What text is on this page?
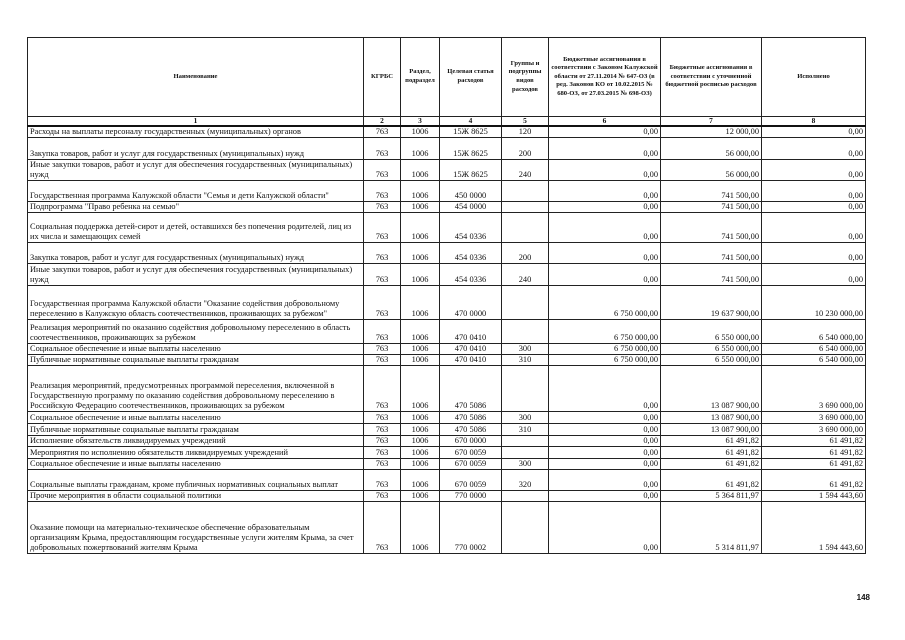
Наименование	КГРБС	Раздел, подраздел	Целевая статья расходов	Группы и подгруппы видов расходов	Бюджетные ассигнования в соответствии с Законом Калужской области от 27.11.2014 № 647-ОЗ (в ред. Законов КО от 10.02.2015 № 680-ОЗ, от 27.03.2015 № 698-ОЗ)	Бюджетные ассигнования в соответствии с уточненной бюджетной росписью расходов	Исполнено
1	2	3	4	5	6	7	8
Расходы на выплаты персоналу государственных (муниципальных) органов	763	1006	15Ж 8625	120	0,00	12 000,00	0,00
Закупка товаров, работ и услуг для государственных (муниципальных) нужд	763	1006	15Ж 8625	200	0,00	56 000,00	0,00
Иные закупки товаров, работ и услуг для обеспечения государственных (муниципальных) нужд	763	1006	15Ж 8625	240	0,00	56 000,00	0,00
Государственная программа Калужской области "Семья и дети Калужской области"	763	1006	450 0000		0,00	741 500,00	0,00
Подпрограмма "Право ребенка на семью"	763	1006	454 0000		0,00	741 500,00	0,00
Социальная поддержка детей-сирот и детей, оставшихся без попечения родителей, лиц из их числа и замещающих семей	763	1006	454 0336		0,00	741 500,00	0,00
Закупка товаров, работ и услуг для государственных (муниципальных) нужд	763	1006	454 0336	200	0,00	741 500,00	0,00
Иные закупки товаров, работ и услуг для обеспечения государственных (муниципальных) нужд	763	1006	454 0336	240	0,00	741 500,00	0,00
Государственная программа Калужской области "Оказание содействия добровольному переселению в Калужскую область соотечественников, проживающих за рубежом"	763	1006	470 0000		6 750 000,00	19 637 900,00	10 230 000,00
Реализация мероприятий по оказанию содействия добровольному переселению в область соотечественников, проживающих за рубежом	763	1006	470 0410		6 750 000,00	6 550 000,00	6 540 000,00
Социальное обеспечение и иные выплаты населению	763	1006	470 0410	300	6 750 000,00	6 550 000,00	6 540 000,00
Публичные нормативные социальные выплаты гражданам	763	1006	470 0410	310	6 750 000,00	6 550 000,00	6 540 000,00
Реализация мероприятий, предусмотренных программой переселения, включенной в Государственную программу по оказанию содействия добровольному переселению в Российскую Федерацию соотечественников, проживающих за рубежом	763	1006	470 5086		0,00	13 087 900,00	3 690 000,00
Социальное обеспечение и иные выплаты населению	763	1006	470 5086	300	0,00	13 087 900,00	3 690 000,00
Публичные нормативные социальные выплаты гражданам	763	1006	470 5086	310	0,00	13 087 900,00	3 690 000,00
Исполнение обязательств ликвидируемых учреждений	763	1006	670 0000		0,00	61 491,82	61 491,82
Мероприятия по исполнению обязательств ликвидируемых учреждений	763	1006	670 0059		0,00	61 491,82	61 491,82
Социальное обеспечение и иные выплаты населению	763	1006	670 0059	300	0,00	61 491,82	61 491,82
Социальные выплаты гражданам, кроме публичных нормативных социальных выплат	763	1006	670 0059	320	0,00	61 491,82	61 491,82
Прочие мероприятия в области социальной политики	763	1006	770 0000		0,00	5 364 811,97	1 594 443,60
Оказание помощи на материально-техническое обеспечение образовательным организациям Крыма, предоставляющим государственные услуги жителям Крыма, за счет добровольных пожертвований жителям Крыма	763	1006	770 0002		0,00	5 314 811,97	1 594 443,60
148
